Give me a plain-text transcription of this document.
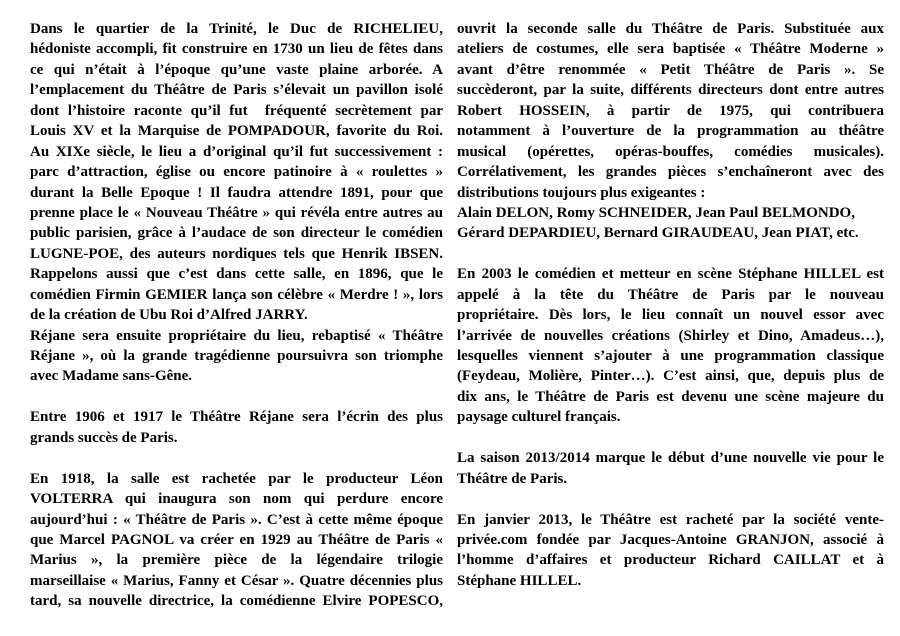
Dans le quartier de la Trinité, le Duc de RICHELIEU,
hédoniste accompli, fit construire en 1730 un lieu de fêtes dans
ce qui n’était à l’époque qu’une vaste plaine arborée. A
l’emplacement du Théâtre de Paris s’élevait un pavillon isolé
dont l’histoire raconte qu’il fut  fréquenté secrètement par
Louis XV et la Marquise de POMPADOUR, favorite du Roi.
Au XIXe siècle, le lieu a d’original qu’il fut successivement :
parc d’attraction, église ou encore patinoire à « roulettes »
durant la Belle Epoque ! Il faudra attendre 1891, pour que
prenne place le « Nouveau Théâtre » qui révéla entre autres au
public parisien, grâce à l’audace de son directeur le comédien
LUGNE-POE, des auteurs nordiques tels que Henrik IBSEN.
Rappelons aussi que c’est dans cette salle, en 1896, que le
comédien Firmin GEMIER lança son célèbre « Merdre ! », lors
de la création de Ubu Roi d’Alfred JARRY.
Réjane sera ensuite propriétaire du lieu, rebaptisé « Théâtre
Réjane », où la grande tragédienne poursuivra son triomphe
avec Madame sans-Gêne.
Entre 1906 et 1917 le Théâtre Réjane sera l’écrin des plus
grands succès de Paris.
En 1918, la salle est rachetée par le producteur Léon
VOLTERRA qui inaugura son nom qui perdure encore
aujourd’hui : « Théâtre de Paris ». C’est à cette même époque
que Marcel PAGNOL va créer en 1929 au Théâtre de Paris «
Marius », la première pièce de la légendaire trilogie
marseillaise « Marius, Fanny et César ». Quatre décennies plus
tard, sa nouvelle directrice, la comédienne Elvire POPESCO,
ouvrit la seconde salle du Théâtre de Paris. Substituée aux
ateliers de costumes, elle sera baptisée « Théâtre Moderne »
avant d’être renommée « Petit Théâtre de Paris ». Se
succèderont, par la suite, différents directeurs dont entre autres
Robert HOSSEIN, à partir de 1975, qui contribuera
notamment à l’ouverture de la programmation au théâtre
musical (opérettes, opéras-bouffes, comédies musicales).
Corrélativement, les grandes pièces s’enchaîneront avec des
distributions toujours plus exigeantes :
Alain DELON, Romy SCHNEIDER, Jean Paul BELMONDO,
Gérard DEPARDIEU, Bernard GIRAUDEAU, Jean PIAT, etc.
En 2003 le comédien et metteur en scène Stéphane HILLEL est
appelé à la tête du Théâtre de Paris par le nouveau
propriétaire. Dès lors, le lieu connaît un nouvel essor avec
l’arrivée de nouvelles créations (Shirley et Dino, Amadeus…),
lesquelles viennent s’ajouter à une programmation classique
(Feydeau, Molière, Pinter…). C’est ainsi, que, depuis plus de
dix ans, le Théâtre de Paris est devenu une scène majeure du
paysage culturel français.
La saison 2013/2014 marque le début d’une nouvelle vie pour le
Théâtre de Paris.
En janvier 2013, le Théâtre est racheté par la société vente-
privée.com fondée par Jacques-Antoine GRANJON, associé à
l’homme d’affaires et producteur Richard CAILLAT et à
Stéphane HILLEL.
